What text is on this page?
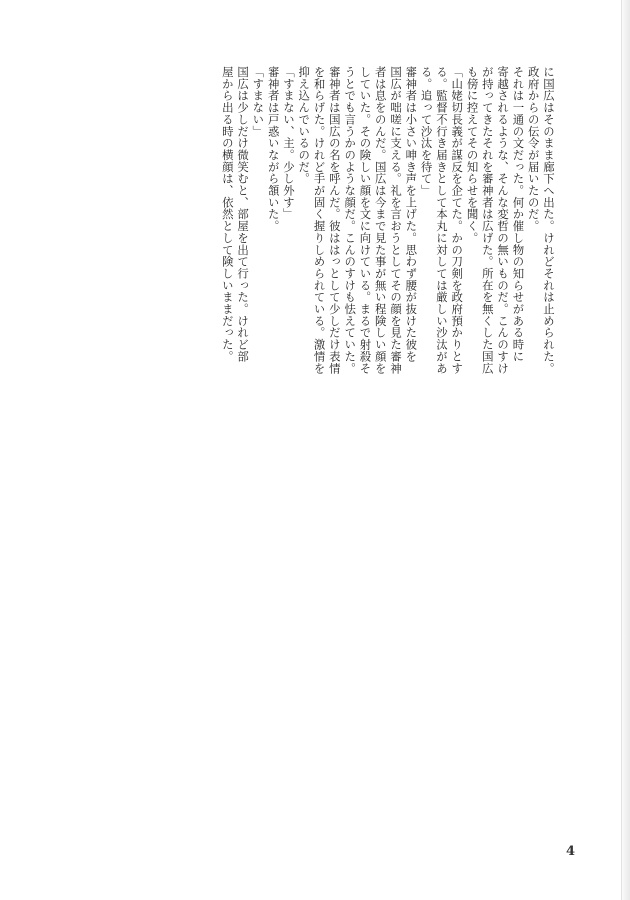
に国広はそのまま廊下へ出た。けれどそれは止められた。
政府からの伝令が届いたのだ。
それは一通の文だった。何か催し物の知らせがある時に
寄越されるような、そんな変哲の無いものだ。こんのすけ
が持ってきたそれを審神者は広げた。所在を無くした国広
も傍に控えてその知らせを聞く。
「山姥切長義が謀反を企てた。かの刀剣を政府預かりとす
る。監督不行き届きとして本丸に対しては厳しい沙汰があ
る。追って沙汰を待て」
審神者は小さい呻き声を上げた。思わず腰が抜けた彼を
国広が咄嗟に支える。礼を言おうとしてその顔を見た審神
者は息をのんだ。国広は今まで見た事が無い程険しい顔を
していた。その険しい顔を文に向けている。まるで射殺そ
うとでも言うかのような顔だ。こんのすけも怯えていた。
審神者は国広の名を呼んだ。彼ははっとして少しだけ表情
を和らげた。けれど手が固く握りしめられている。激情を
抑え込んでいるのだ。
「すまない、主。少し外す」
審神者は戸惑いながら頷いた。
「すまない」
国広は少しだけ微笑むと、部屋を出て行った。けれど部
屋から出る時の横顔は、依然として険しいままだった。
4
